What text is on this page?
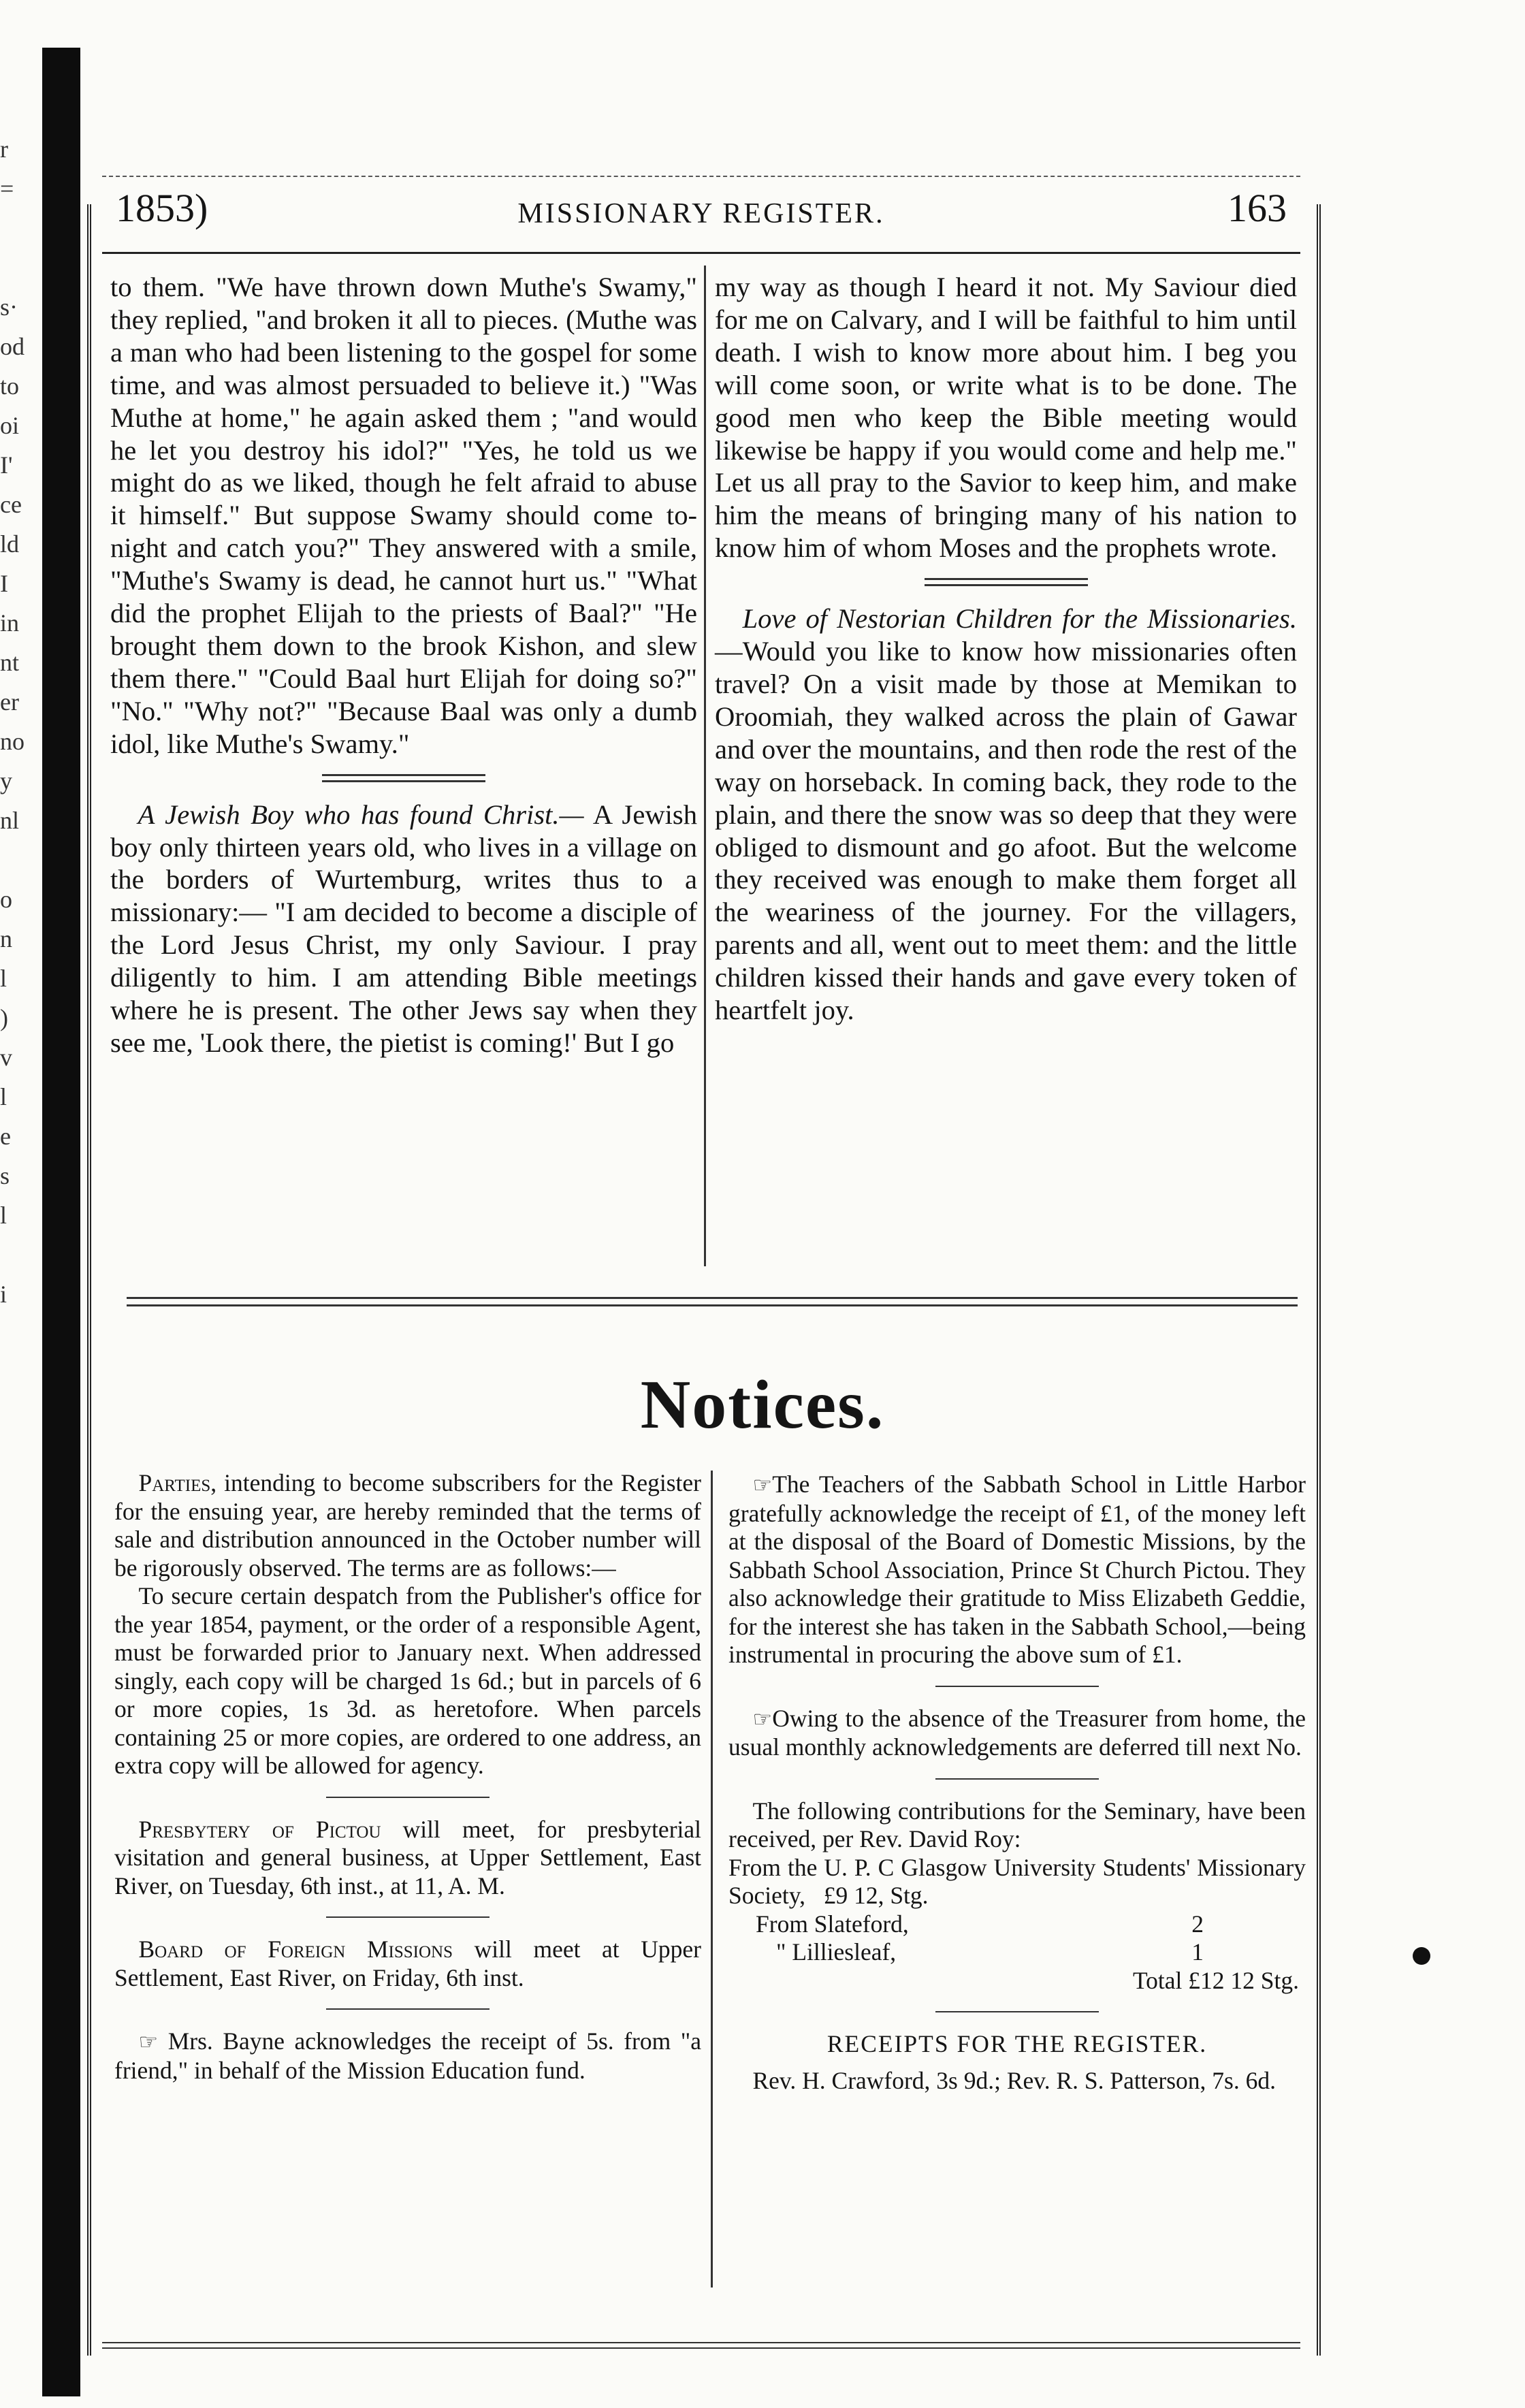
r
=

s·
od
to
oi
I'
ce
ld
I
in
nt
er
no
y
nl

o
n
l
)
v
l
e
s
l

i
1853)	MISSIONARY REGISTER.	163

to them. "We have thrown down Muthe's Swamy," they replied, "and broken it all to pieces. (Muthe was a man who had been listening to the gospel for some time, and was almost persuaded to believe it.) "Was Muthe at home," he again asked them ; "and would he let you destroy his idol?" "Yes, he told us we might do as we liked, though he felt afraid to abuse it himself." But suppose Swamy should come to-night and catch you?" They answered with a smile, "Muthe's Swamy is dead, he cannot hurt us." "What did the prophet Elijah to the priests of Baal?" "He brought them down to the brook Kishon, and slew them there." "Could Baal hurt Elijah for doing so?" "No." "Why not?" "Because Baal was only a dumb idol, like Muthe's Swamy."

 A Jewish Boy who has found Christ.— A Jewish boy only thirteen years old, who lives in a village on the borders of Wurtemburg, writes thus to a missionary:— "I am decided to become a disciple of the Lord Jesus Christ, my only Saviour. I pray diligently to him. I am attending Bible meetings where he is present. The other Jews say when they see me, 'Look there, the pietist is coming!' But I go

my way as though I heard it not. My Saviour died for me on Calvary, and I will be faithful to him until death. I wish to know more about him. I beg you will come soon, or write what is to be done. The good men who keep the Bible meeting would likewise be happy if you would come and help me." Let us all pray to the Savior to keep him, and make him the means of bringing many of his nation to know him of whom Moses and the prophets wrote.

 Love of Nestorian Children for the Missionaries.—Would you like to know how missionaries often travel? On a visit made by those at Memikan to Oroomiah, they walked across the plain of Gawar and over the mountains, and then rode the rest of the way on horseback. In coming back, they rode to the plain, and there the snow was so deep that they were obliged to dismount and go afoot. But the welcome they received was enough to make them forget all the weariness of the journey. For the villagers, parents and all, went out to meet them: and the little children kissed their hands and gave every token of heartfelt joy.

Notices.

 Parties, intending to become subscribers for the Register for the ensuing year, are hereby reminded that the terms of sale and distribution announced in the October number will be rigorously observed. The terms are as follows:—

 To secure certain despatch from the Publisher's office for the year 1854, payment, or the order of a responsible Agent, must be forwarded prior to January next. When addressed singly, each copy will be charged 1s 6d.; but in parcels of 6 or more copies, 1s 3d. as heretofore. When parcels containing 25 or more copies, are ordered to one address, an extra copy will be allowed for agency.

 Presbytery of Pictou will meet, for presbyterial visitation and general business, at Upper Settlement, East River, on Tuesday, 6th inst., at 11, A. M.

 Board of Foreign Missions will meet at Upper Settlement, East River, on Friday, 6th inst.

 ☞ Mrs. Bayne acknowledges the receipt of 5s. from "a friend," in behalf of the Mission Education fund.

 ☞The Teachers of the Sabbath School in Little Harbor gratefully acknowledge the receipt of £1, of the money left at the disposal of the Board of Domestic Missions, by the Sabbath School Association, Prince St Church Pictou. They also acknowledge their gratitude to Miss Elizabeth Geddie, for the interest she has taken in the Sabbath School,—being instrumental in procuring the above sum of £1.

 ☞Owing to the absence of the Treasurer from home, the usual monthly acknowledgements are deferred till next No.

 The following contributions for the Seminary, have been received, per Rev. David Roy:

From the U. P. C Glasgow University Students' Missionary Society,   £9 12, Stg.

From Slateford,	2
" Lilliesleaf,	1

Total £12 12 Stg.

RECEIPTS FOR THE REGISTER.

 Rev. H. Crawford, 3s 9d.; Rev. R. S. Patterson, 7s. 6d.
